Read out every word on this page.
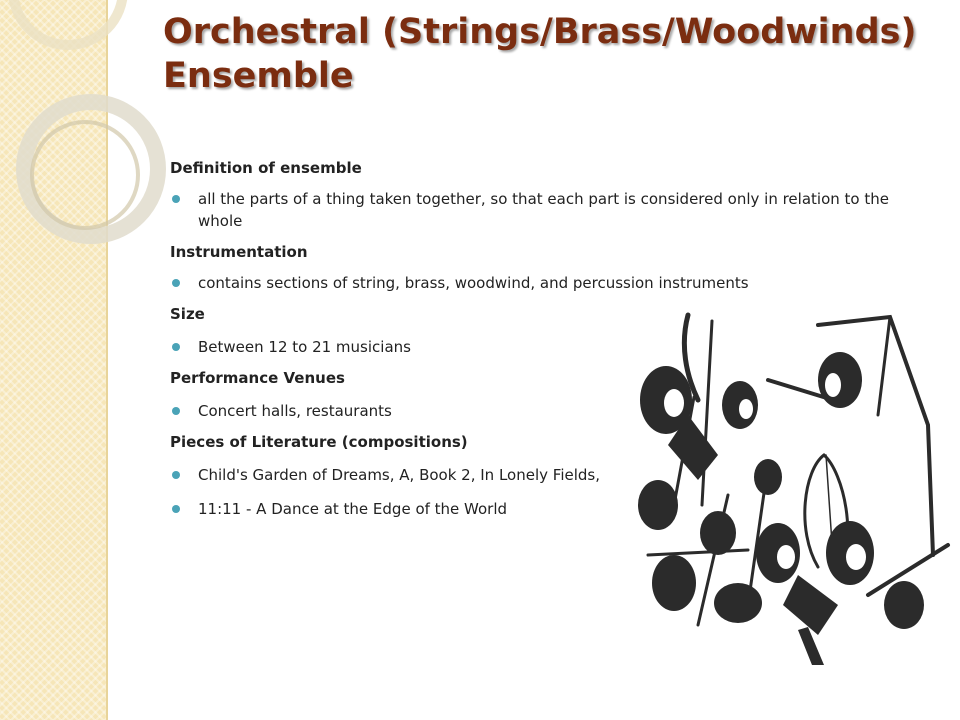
Orchestral (Strings/Brass/Woodwinds) Ensemble

Definition of ensemble

all the parts of a thing taken together, so that each part is considered only in relation to the whole

Instrumentation

contains sections of string, brass, woodwind, and percussion instruments

Size

Between 12 to 21 musicians

Performance Venues

Concert halls, restaurants

Pieces of Literature (compositions)

Child's Garden of Dreams, A, Book 2, In Lonely Fields,

11:11 - A Dance at the Edge of the World
